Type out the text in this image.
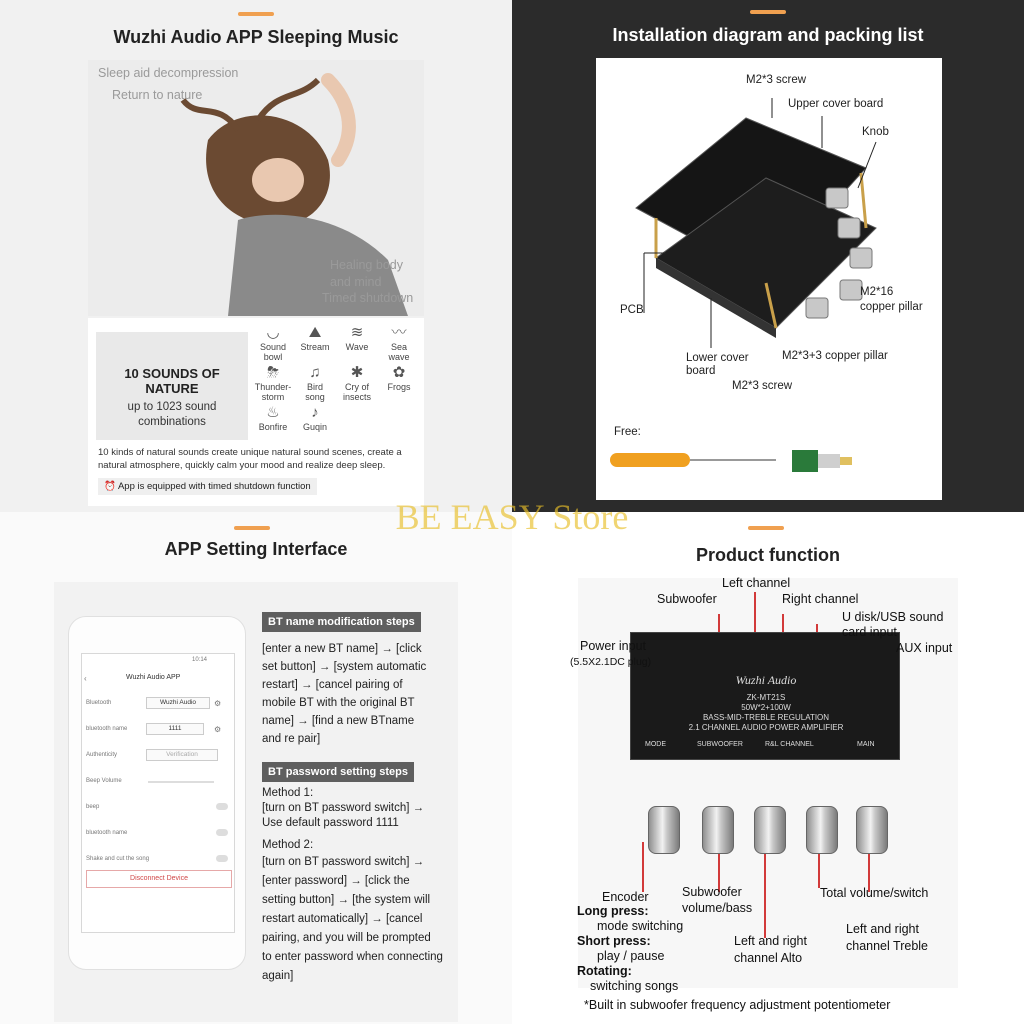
Wuzhi Audio APP Sleeping Music
Sleep aid decompression
Return to nature
Healing body
and mind
Timed shutdown
10 SOUNDS OF NATURE
up to 1023 sound
combinations
◡
Sound bowl
⛰
Stream
≋
Wave
〰
Sea wave
⛈
Thunder-storm
♫
Bird song
✱
Cry of insects
✿
Frogs
♨
Bonfire
♪
Guqin
10 kinds of natural sounds create unique natural sound scenes, create a natural atmosphere, quickly calm your mood and realize deep sleep.
⏰ App is equipped with timed shutdown function
Installation diagram and packing list
M2*3 screw
Upper cover board
Knob
PCB
M2*16
copper pillar
Lower cover
board
M2*3+3 copper pillar
M2*3 screw
Free:
APP Setting Interface
10:14
‹	Wuzhi Audio APP
Bluetooth	Wuzhi Audio	⚙
bluetooth name	1111	⚙
Authenticity	Verification
Beep Volume
beep
bluetooth name
Shake and cut the song
Disconnect Device
BT name modification steps
[enter a new BT name] → [click
set button] → [system automatic
restart] → [cancel pairing of
mobile BT with the original BT
name] → [find a new BTname
and re pair]
BT password setting steps
Method 1:
[turn on BT password switch] →
Use default password 1111
Method 2:
[turn on BT password switch] →
[enter password] → [click the
setting button] → [the system will
restart automatically] → [cancel
pairing, and you will be prompted
to enter password when connecting
again]
Product function
Wuzhi Audio
ZK-MT21S
50W*2+100W
BASS-MID-TREBLE REGULATION
2.1 CHANNEL AUDIO POWER AMPLIFIER
MODE	SUBWOOFER	R&L CHANNEL	MAIN
Left channel
Subwoofer	Right channel
U disk/USB sound
card input
AUX input
Power input
(5.5X2.1DC plug)
Encoder
Long press:
mode switching
Short press:
play / pause
Rotating:
switching songs
Subwoofer
volume/bass
Left and right
channel Alto
Total volume/switch
Left and right
channel Treble
*Built in subwoofer frequency adjustment potentiometer
BE EASY Store
